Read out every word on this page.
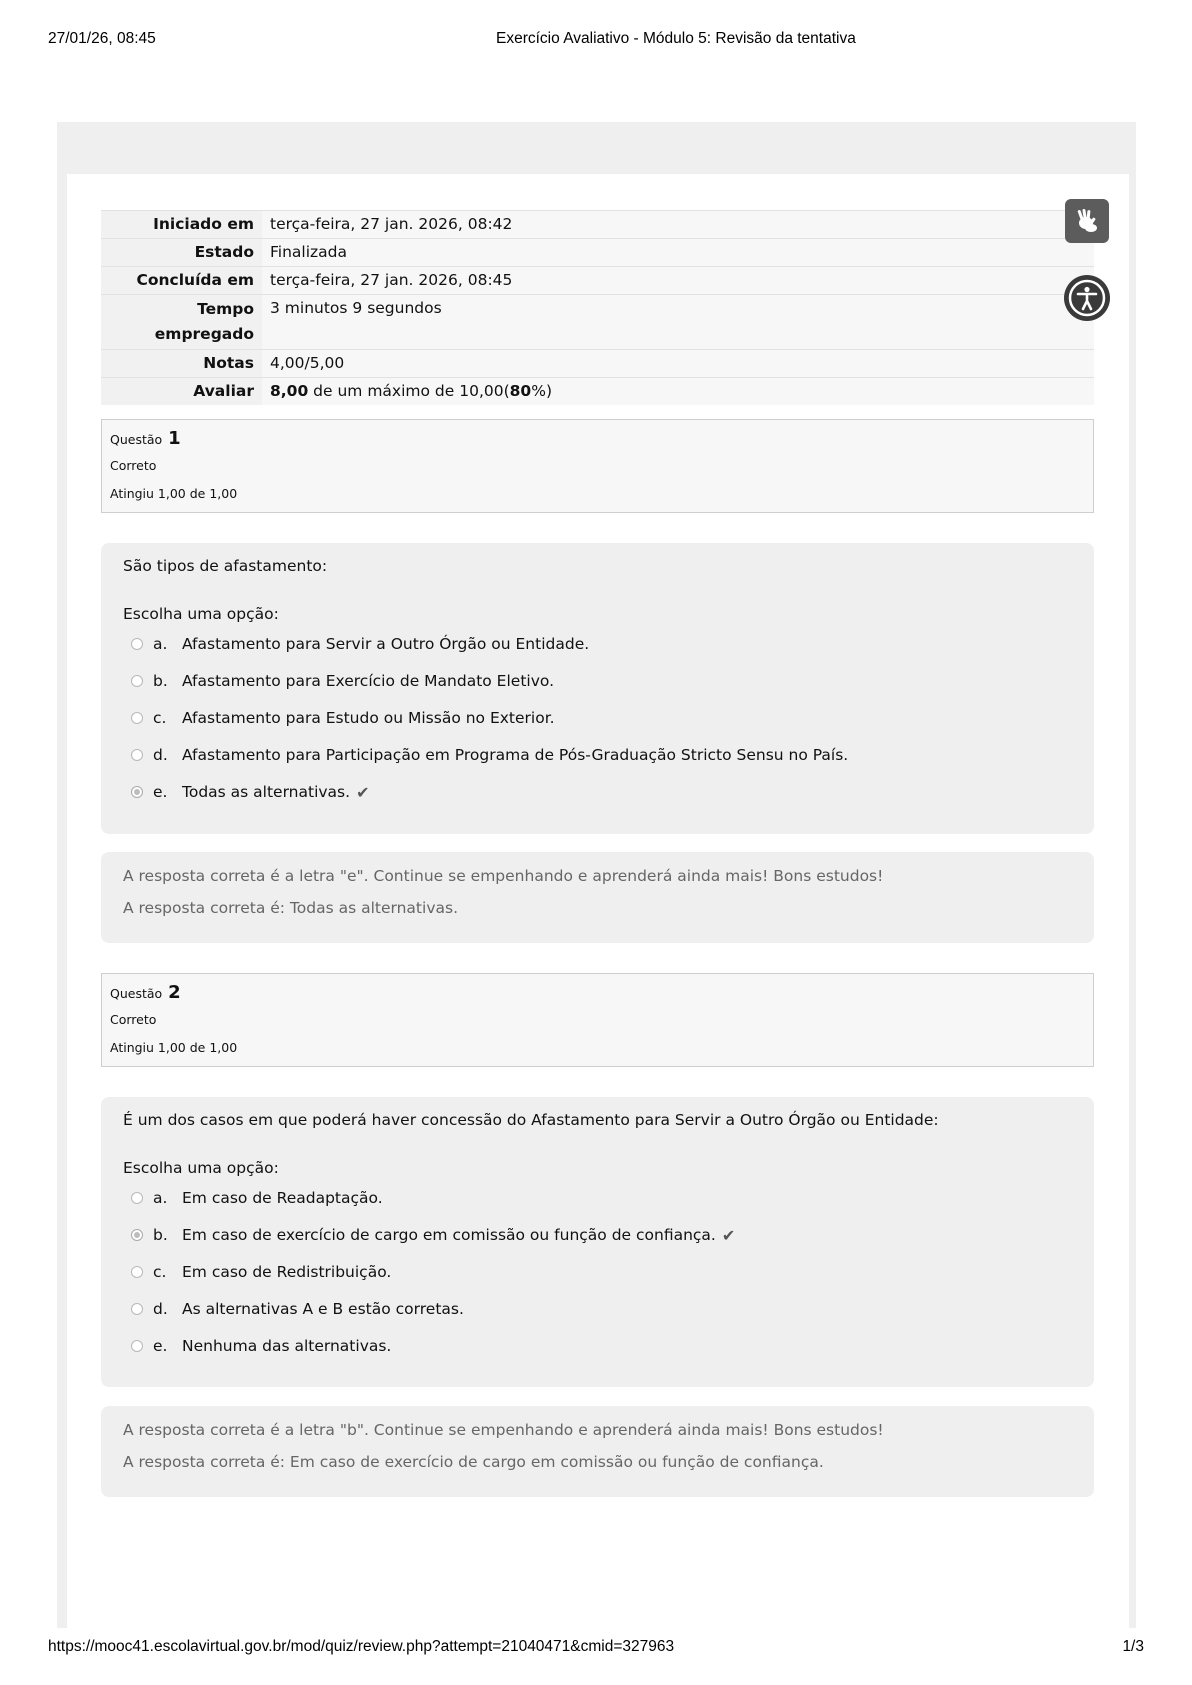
27/01/26, 08:45	Exercício Avaliativo - Módulo 5: Revisão da tentativa
Iniciado em	terça-feira, 27 jan. 2026, 08:42
Estado	Finalizada
Concluída em	terça-feira, 27 jan. 2026, 08:45
Tempo empregado	3 minutos 9 segundos
Notas	4,00/5,00
Avaliar	8,00 de um máximo de 10,00(80%)
Questão 1
Correto
Atingiu 1,00 de 1,00
São tipos de afastamento:
Escolha uma opção:
a. Afastamento para Servir a Outro Órgão ou Entidade.
b. Afastamento para Exercício de Mandato Eletivo.
c.	Afastamento para Estudo ou Missão no Exterior.
d. Afastamento para Participação em Programa de Pós-Graduação Stricto Sensu no País.
e. Todas as alternativas. ✔
A resposta correta é a letra "e". Continue se empenhando e aprenderá ainda mais! Bons estudos!
A resposta correta é: Todas as alternativas.
Questão 2
Correto
Atingiu 1,00 de 1,00
É um dos casos em que poderá haver concessão do Afastamento para Servir a Outro Órgão ou Entidade:
Escolha uma opção:
a. Em caso de Readaptação.
b. Em caso de exercício de cargo em comissão ou função de confiança. ✔
c.	Em caso de Redistribuição.
d. As alternativas A e B estão corretas.
e. Nenhuma das alternativas.
A resposta correta é a letra "b". Continue se empenhando e aprenderá ainda mais! Bons estudos!
A resposta correta é: Em caso de exercício de cargo em comissão ou função de confiança.
https://mooc41.escolavirtual.gov.br/mod/quiz/review.php?attempt=21040471&cmid=327963	1/3
